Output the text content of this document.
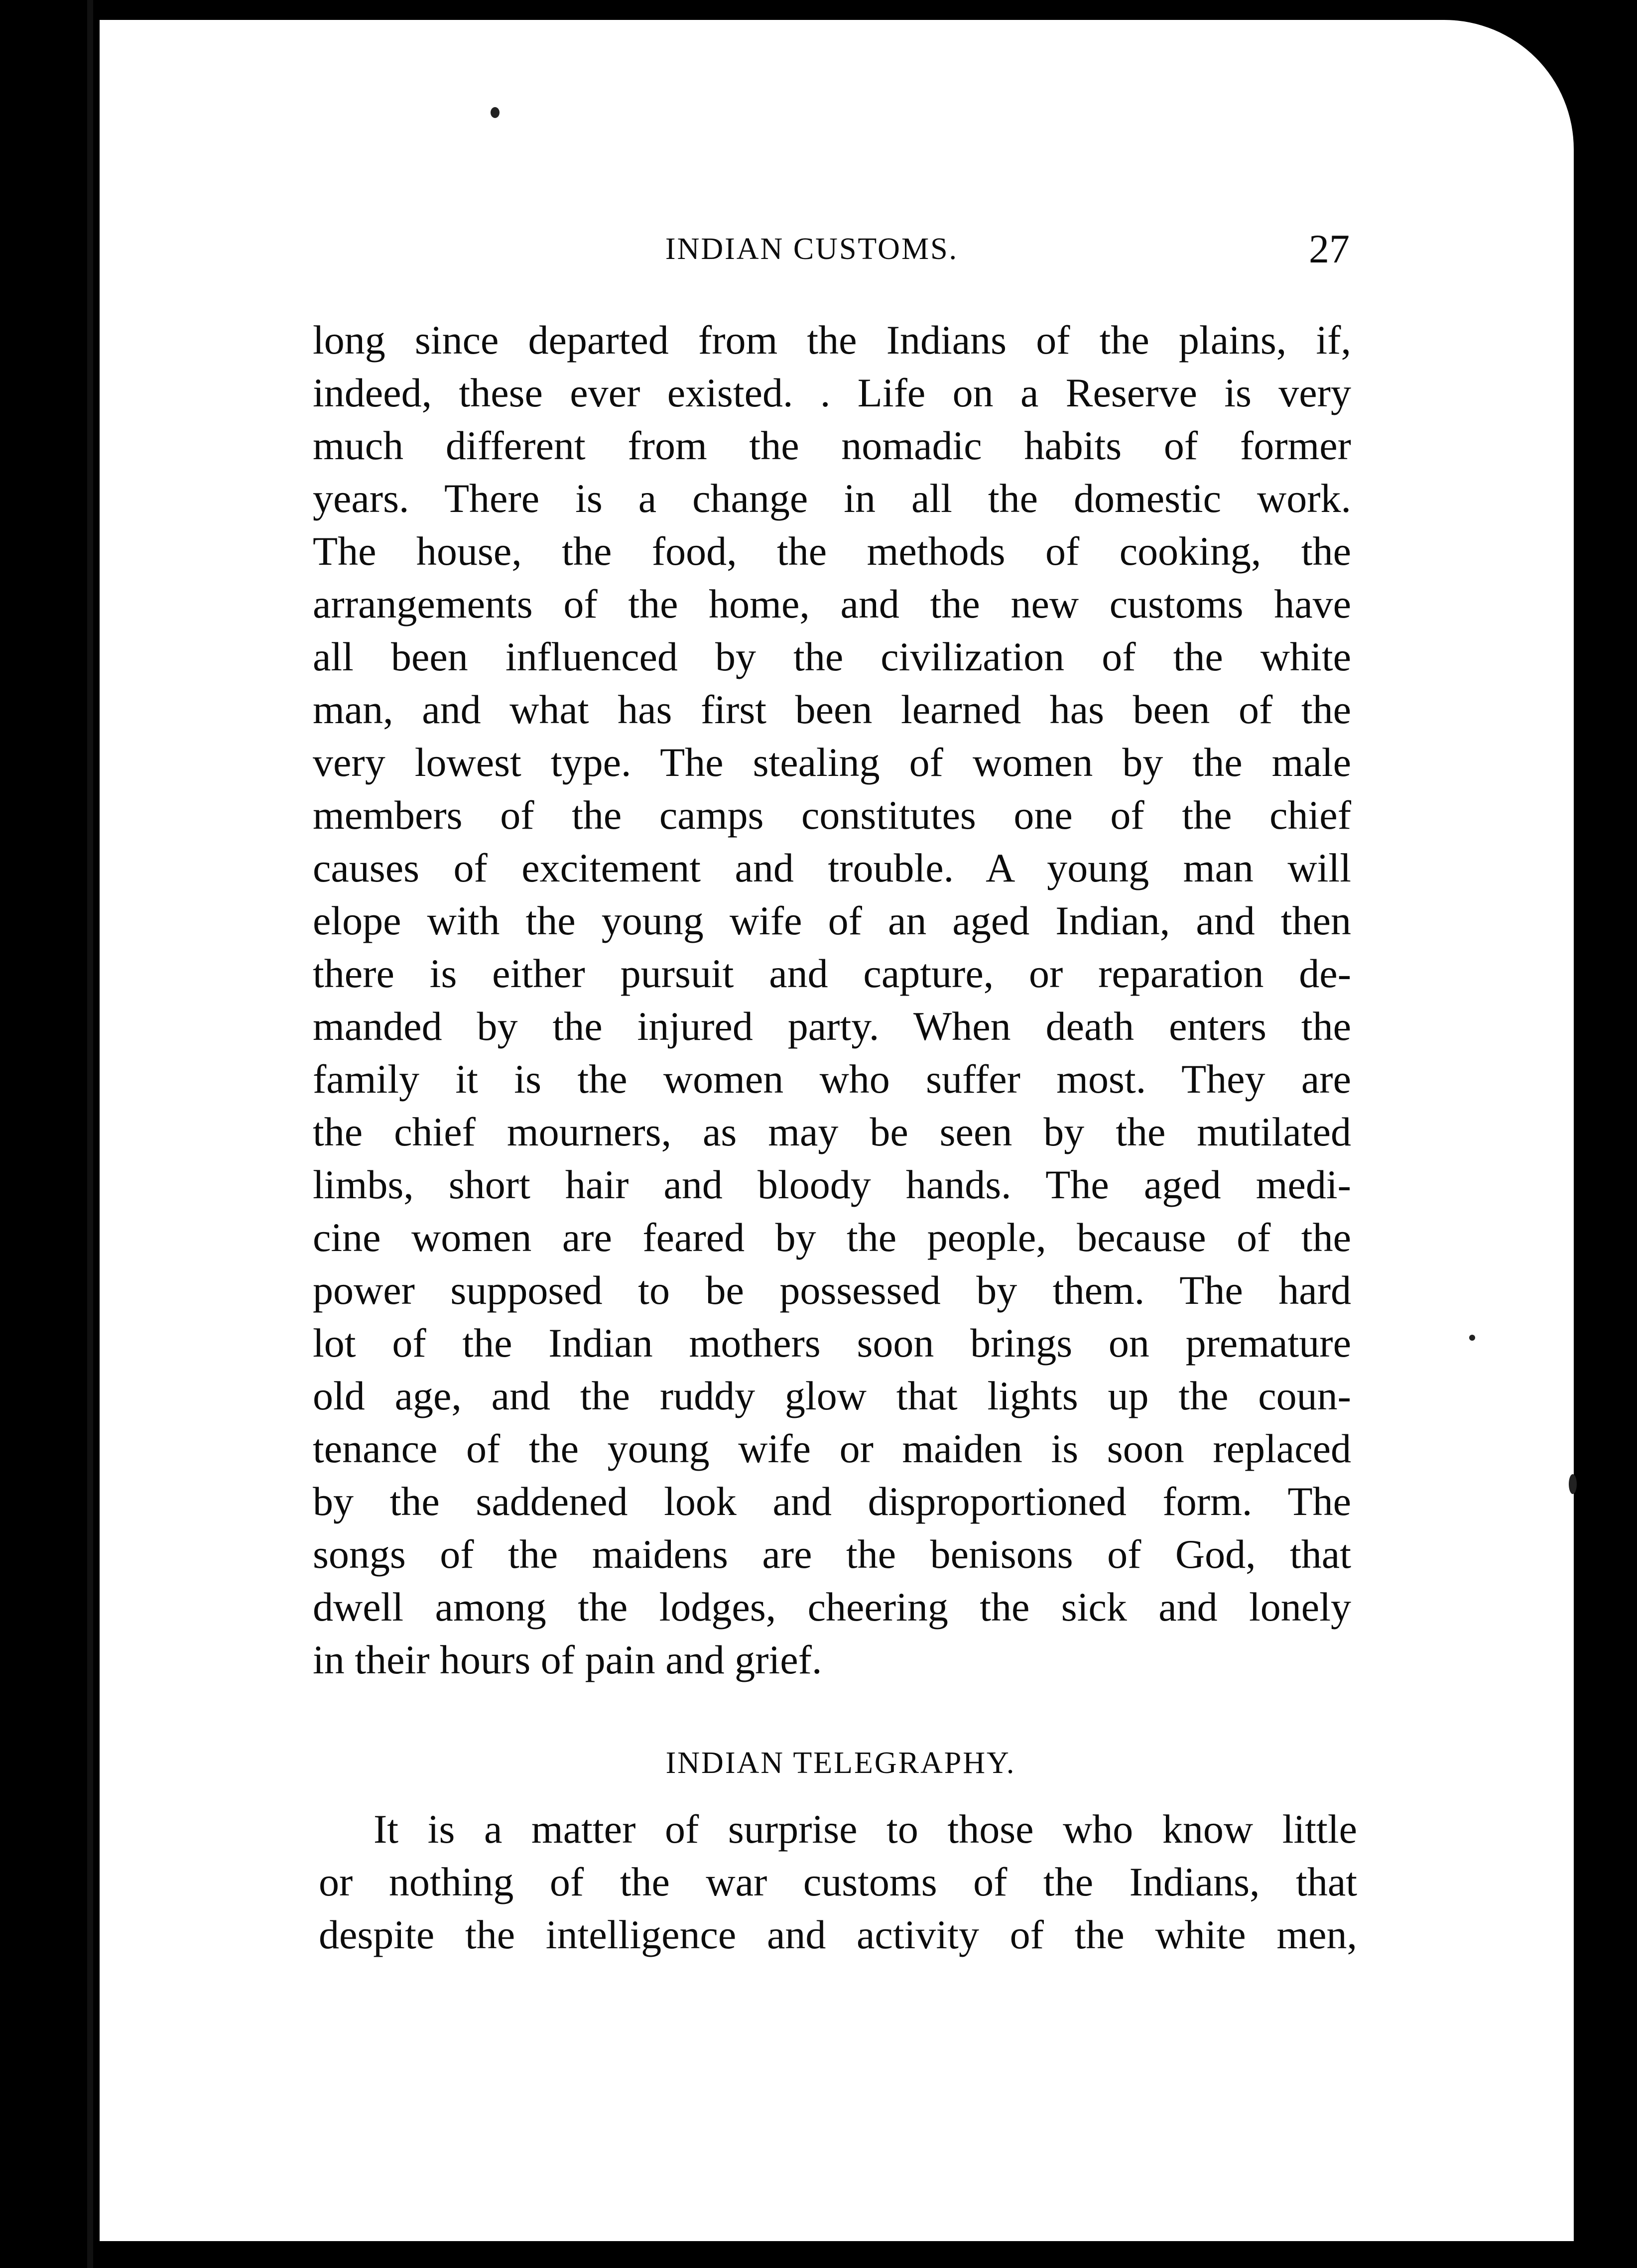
INDIAN CUSTOMS.	27
long since departed from the Indians of the plains, if,
indeed, these ever existed. . Life on a Reserve is very
much different from the nomadic habits of former
years. There is a change in all the domestic work.
The house, the food, the methods of cooking, the
arrangements of the home, and the new customs have
all been influenced by the civilization of the white
man, and what has first been learned has been of the
very lowest type. The stealing of women by the male
members of the camps constitutes one of the chief
causes of excitement and trouble. A young man will
elope with the young wife of an aged Indian, and then
there is either pursuit and capture, or reparation de-
manded by the injured party. When death enters the
family it is the women who suffer most. They are
the chief mourners, as may be seen by the mutilated
limbs, short hair and bloody hands. The aged medi-
cine women are feared by the people, because of the
power supposed to be possessed by them. The hard
lot of the Indian mothers soon brings on premature
old age, and the ruddy glow that lights up the coun-
tenance of the young wife or maiden is soon replaced
by the saddened look and disproportioned form. The
songs of the maidens are the benisons of God, that
dwell among the lodges, cheering the sick and lonely
in their hours of pain and grief.
INDIAN TELEGRAPHY.
It is a matter of surprise to those who know little
or nothing of the war customs of the Indians, that
despite the intelligence and activity of the white men,
